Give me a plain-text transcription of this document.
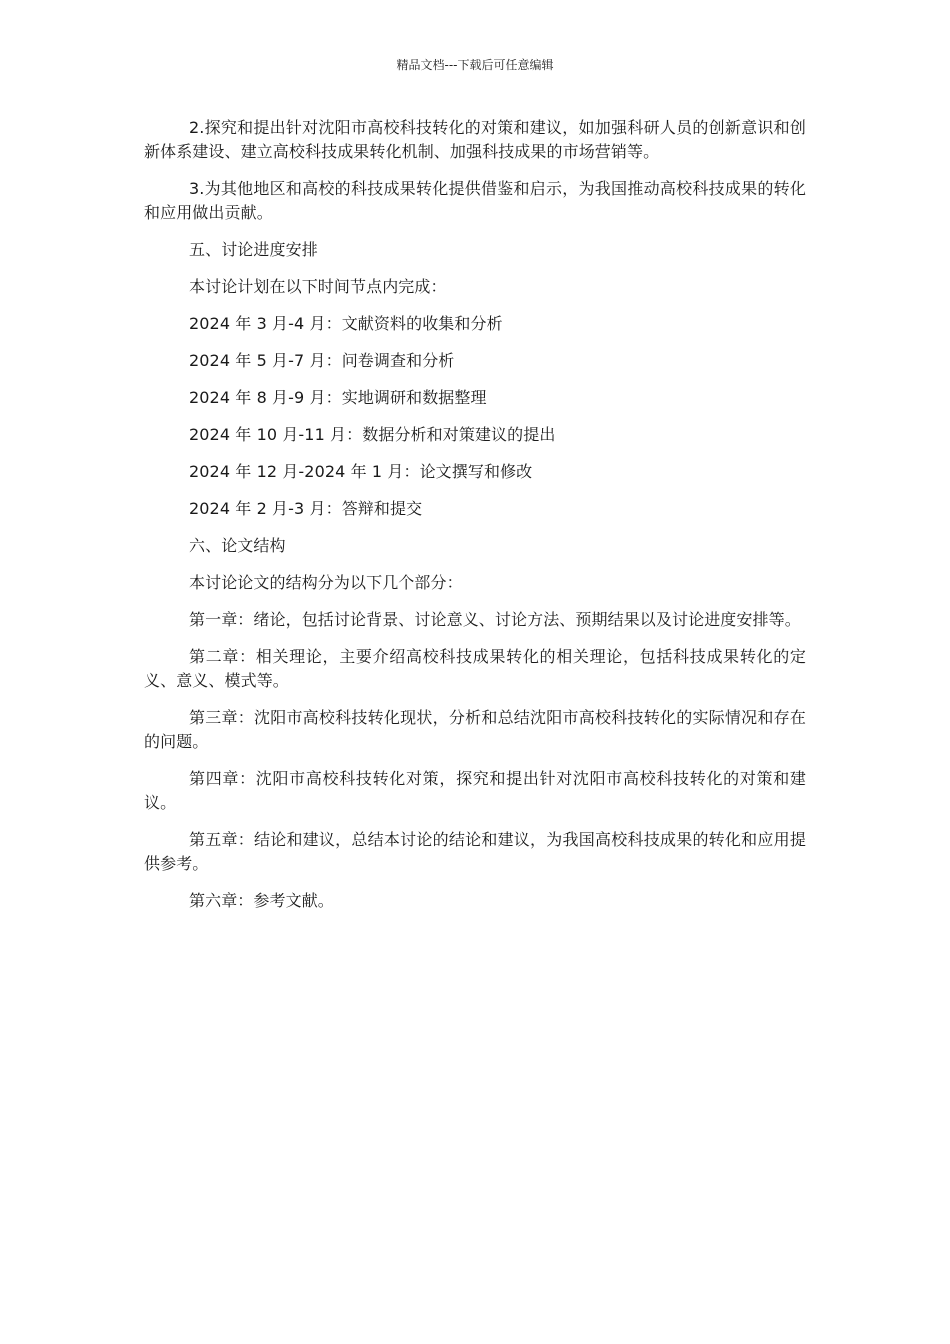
精品文档---下载后可任意编辑

2.探究和提出针对沈阳市高校科技转化的对策和建议，如加强科研人员的创新意识和创新体系建设、建立高校科技成果转化机制、加强科技成果的市场营销等。

3.为其他地区和高校的科技成果转化提供借鉴和启示，为我国推动高校科技成果的转化和应用做出贡献。

五、讨论进度安排

本讨论计划在以下时间节点内完成：

2024 年 3 月-4 月：文献资料的收集和分析

2024 年 5 月-7 月：问卷调查和分析

2024 年 8 月-9 月：实地调研和数据整理

2024 年 10 月-11 月：数据分析和对策建议的提出

2024 年 12 月-2024 年 1 月：论文撰写和修改

2024 年 2 月-3 月：答辩和提交

六、论文结构

本讨论论文的结构分为以下几个部分：

第一章：绪论，包括讨论背景、讨论意义、讨论方法、预期结果以及讨论进度安排等。

第二章：相关理论，主要介绍高校科技成果转化的相关理论，包括科技成果转化的定义、意义、模式等。

第三章：沈阳市高校科技转化现状，分析和总结沈阳市高校科技转化的实际情况和存在的问题。

第四章：沈阳市高校科技转化对策，探究和提出针对沈阳市高校科技转化的对策和建议。

第五章：结论和建议，总结本讨论的结论和建议，为我国高校科技成果的转化和应用提供参考。

第六章：参考文献。
